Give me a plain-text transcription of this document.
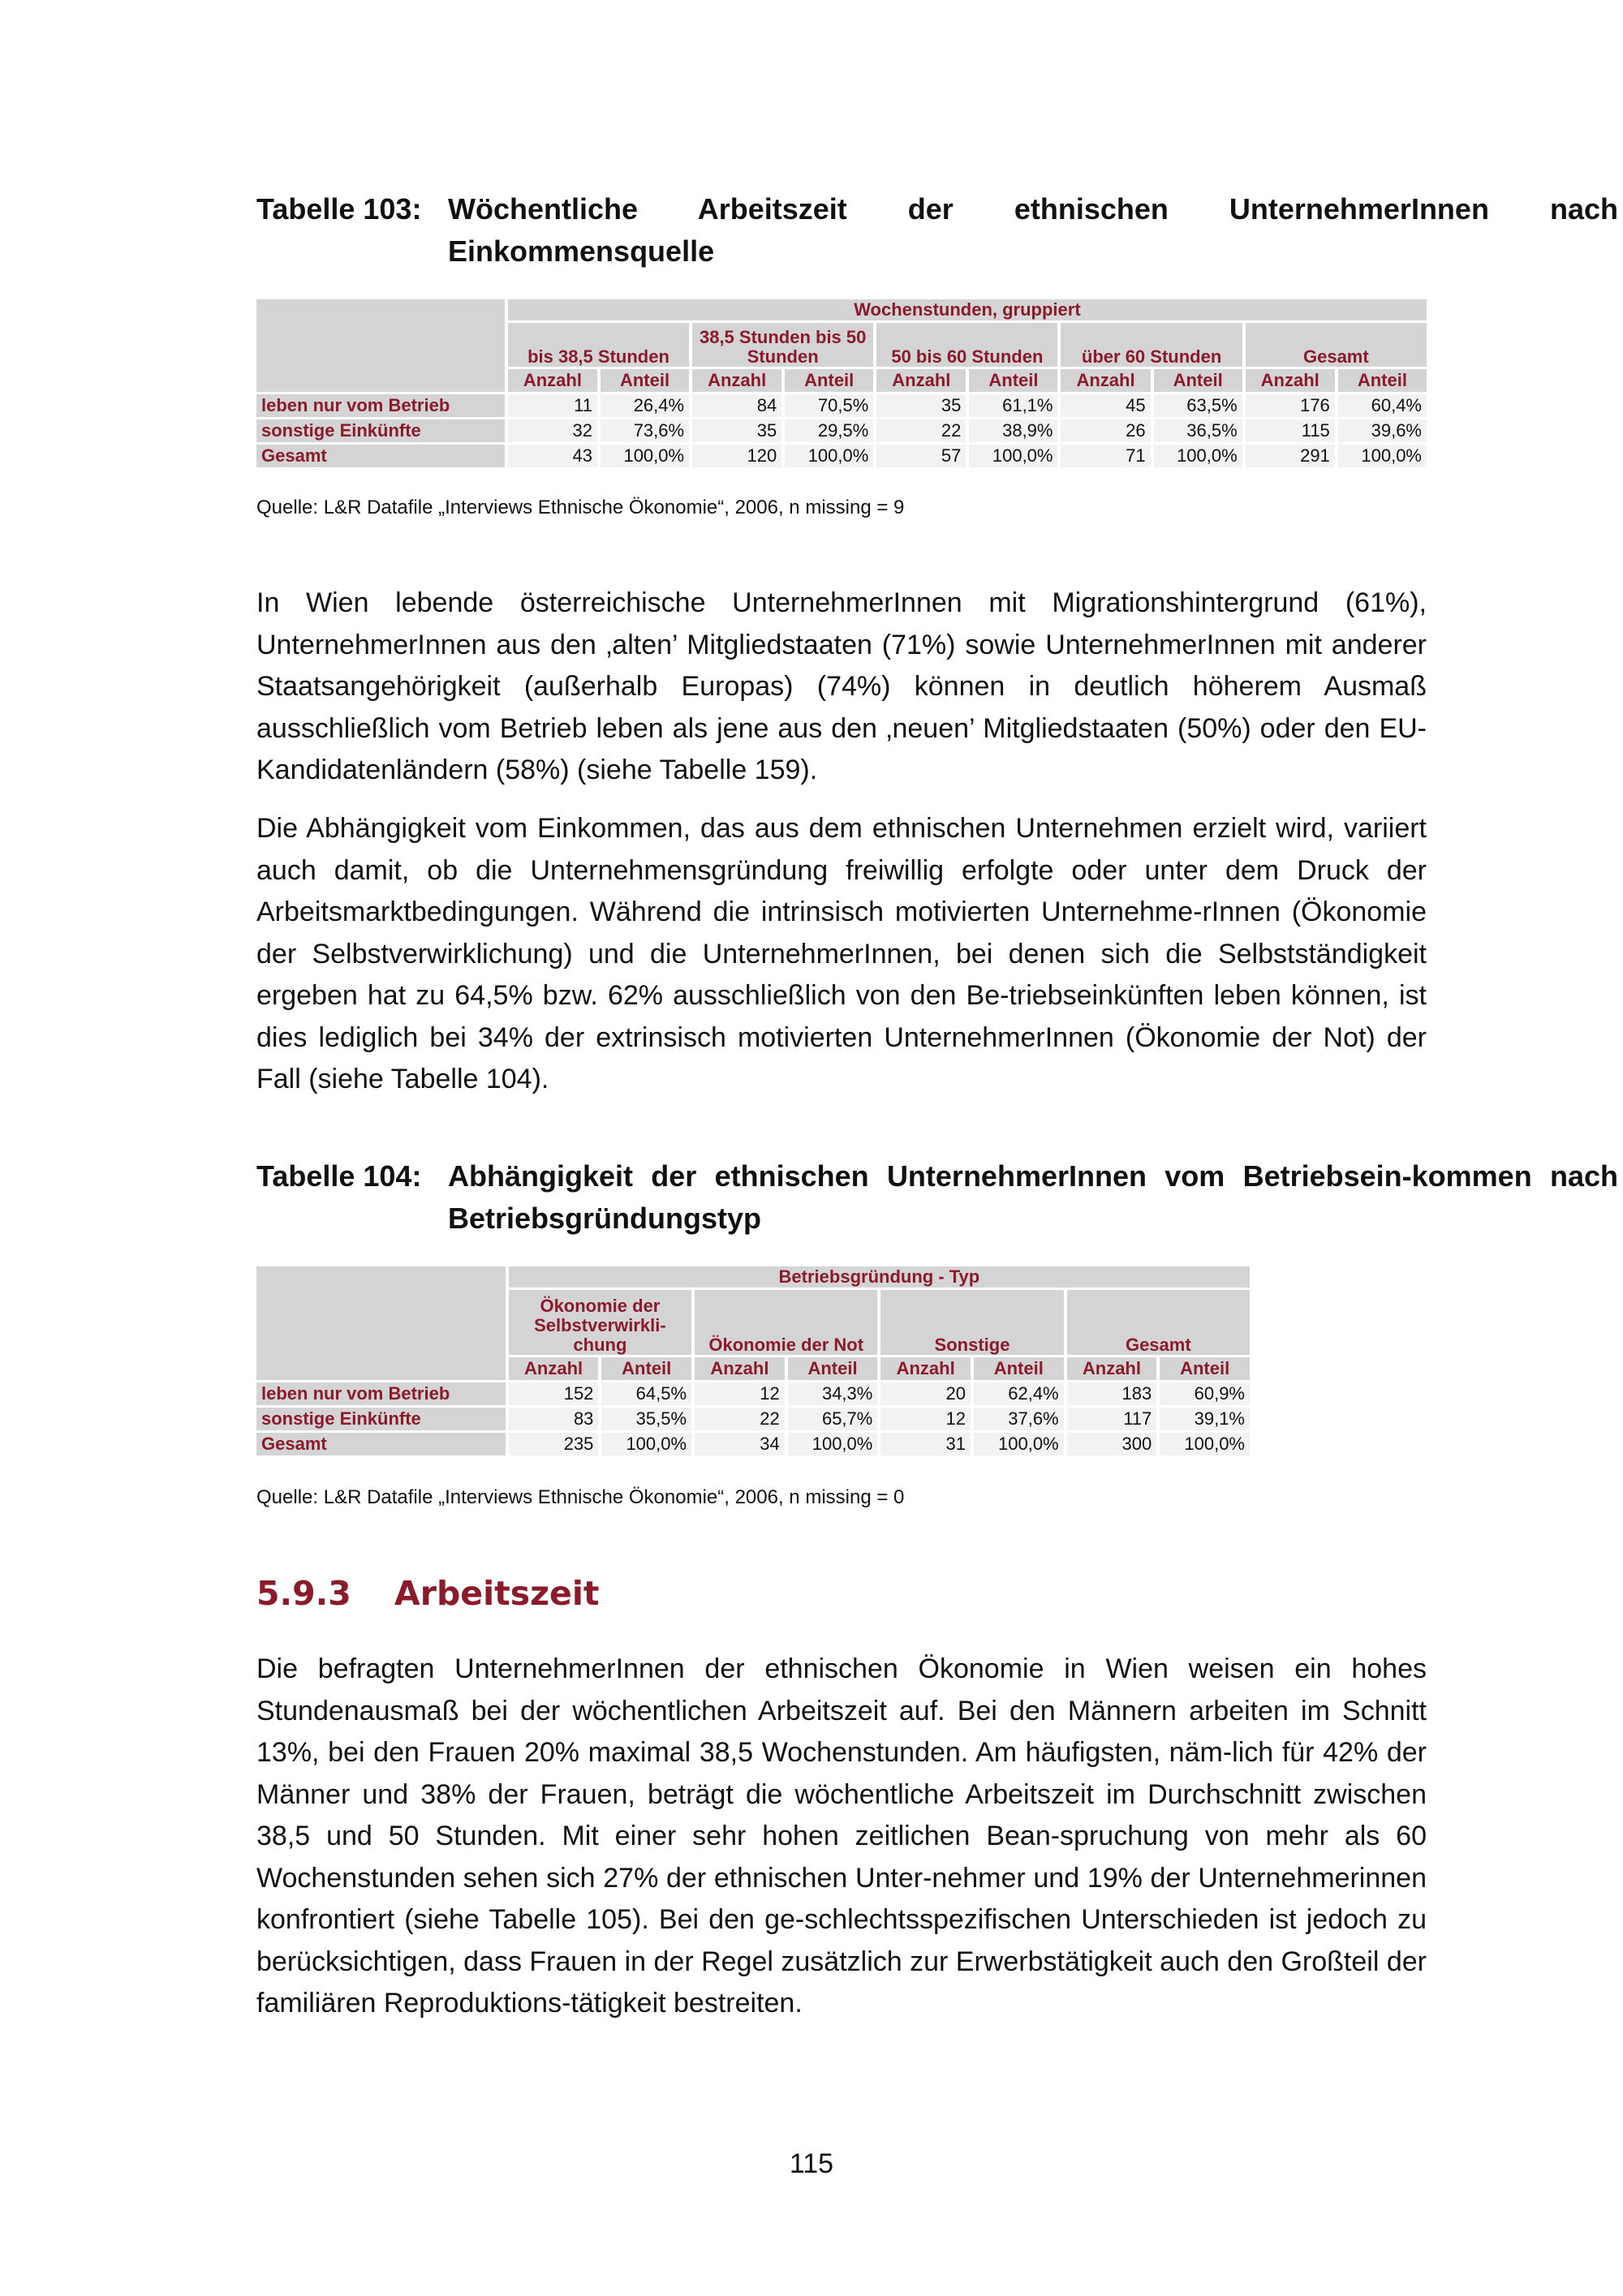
Tabelle 103: Wöchentliche Arbeitszeit der ethnischen UnternehmerInnen nach Einkommensquelle
	Wochenstunden, gruppiert									
	bis 38,5 Stunden		38,5 Stunden bis 50 Stunden		50 bis 60 Stunden		über 60 Stunden		Gesamt	
	Anzahl	Anteil	Anzahl	Anteil	Anzahl	Anteil	Anzahl	Anteil	Anzahl	Anteil
leben nur vom Betrieb	11	26,4%	84	70,5%	35	61,1%	45	63,5%	176	60,4%
sonstige Einkünfte	32	73,6%	35	29,5%	22	38,9%	26	36,5%	115	39,6%
Gesamt	43	100,0%	120	100,0%	57	100,0%	71	100,0%	291	100,0%
Quelle: L&R Datafile „Interviews Ethnische Ökonomie“, 2006, n missing = 9
In Wien lebende österreichische UnternehmerInnen mit Migrationshintergrund (61%), UnternehmerInnen aus den ‚alten’ Mitgliedstaaten (71%) sowie UnternehmerInnen mit anderer Staatsangehörigkeit (außerhalb Europas) (74%) können in deutlich höherem Ausmaß ausschließlich vom Betrieb leben als jene aus den ‚neuen’ Mitgliedstaaten (50%) oder den EU-Kandidatenländern (58%) (siehe Tabelle 159).
Die Abhängigkeit vom Einkommen, das aus dem ethnischen Unternehmen erzielt wird, variiert auch damit, ob die Unternehmensgründung freiwillig erfolgte oder unter dem Druck der Arbeitsmarktbedingungen. Während die intrinsisch motivierten Unternehme-rInnen (Ökonomie der Selbstverwirklichung) und die UnternehmerInnen, bei denen sich die Selbstständigkeit ergeben hat zu 64,5% bzw. 62% ausschließlich von den Be-triebseinkünften leben können, ist dies lediglich bei 34% der extrinsisch motivierten UnternehmerInnen (Ökonomie der Not) der Fall (siehe Tabelle 104).
Tabelle 104: Abhängigkeit der ethnischen UnternehmerInnen vom Betriebsein-kommen nach Betriebsgründungstyp
	Betriebsgründung - Typ							
	Ökonomie der Selbstverwirkli-chung		Ökonomie der Not		Sonstige		Gesamt	
	Anzahl	Anteil	Anzahl	Anteil	Anzahl	Anteil	Anzahl	Anteil
leben nur vom Betrieb	152	64,5%	12	34,3%	20	62,4%	183	60,9%
sonstige Einkünfte	83	35,5%	22	65,7%	12	37,6%	117	39,1%
Gesamt	235	100,0%	34	100,0%	31	100,0%	300	100,0%
Quelle: L&R Datafile „Interviews Ethnische Ökonomie“, 2006, n missing = 0
5.9.3 Arbeitszeit
Die befragten UnternehmerInnen der ethnischen Ökonomie in Wien weisen ein hohes Stundenausmaß bei der wöchentlichen Arbeitszeit auf. Bei den Männern arbeiten im Schnitt 13%, bei den Frauen 20% maximal 38,5 Wochenstunden. Am häufigsten, näm-lich für 42% der Männer und 38% der Frauen, beträgt die wöchentliche Arbeitszeit im Durchschnitt zwischen 38,5 und 50 Stunden. Mit einer sehr hohen zeitlichen Bean-spruchung von mehr als 60 Wochenstunden sehen sich 27% der ethnischen Unter-nehmer und 19% der Unternehmerinnen konfrontiert (siehe Tabelle 105). Bei den ge-schlechtsspezifischen Unterschieden ist jedoch zu berücksichtigen, dass Frauen in der Regel zusätzlich zur Erwerbstätigkeit auch den Großteil der familiären Reproduktions-tätigkeit bestreiten.
115
